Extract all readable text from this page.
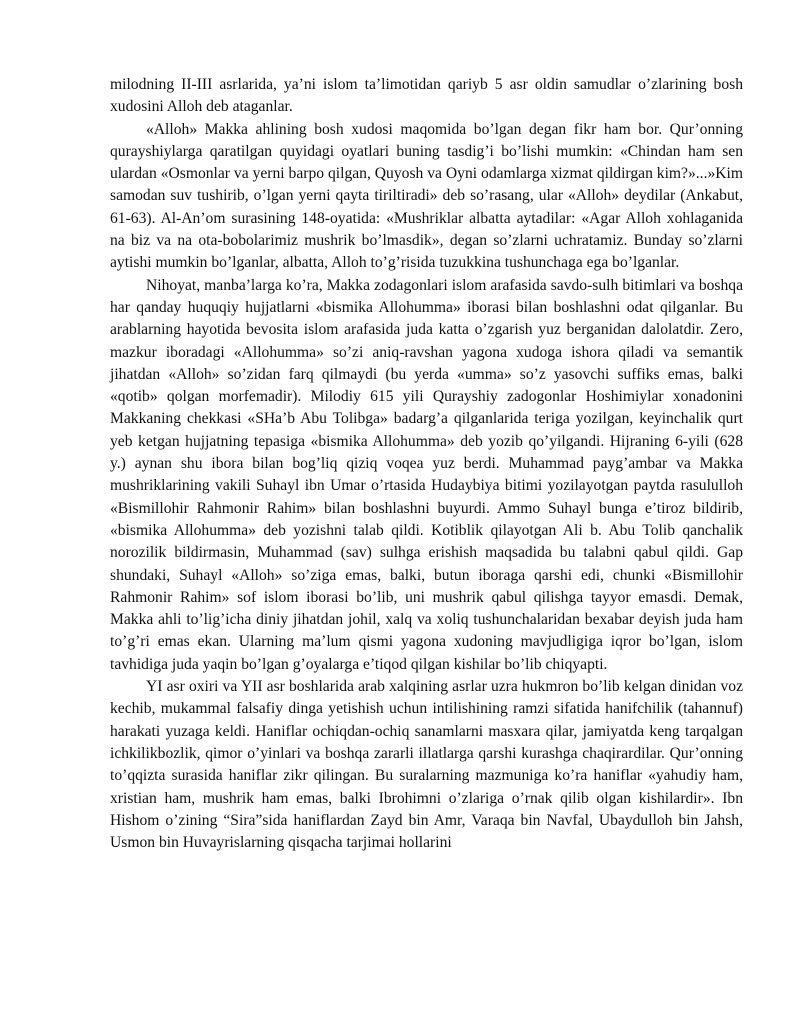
milodning II-III asrlarida, ya’ni islom ta’limotidan qariyb 5 asr oldin samudlar o’zlarining bosh xudosini Alloh deb ataganlar.

«Alloh» Makka ahlining bosh xudosi maqomida bo’lgan degan fikr ham bor. Qur’onning qurayshiylarga qaratilgan quyidagi oyatlari buning tasdig’i bo’lishi mumkin: «Chindan ham sen ulardan «Osmonlar va yerni barpo qilgan, Quyosh va Oyni odamlarga xizmat qildirgan kim?»...»Kim samodan suv tushirib, o’lgan yerni qayta tiriltiradi» deb so’rasang, ular «Alloh» deydilar (Ankabut, 61-63). Al-An’om surasining 148-oyatida: «Mushriklar albatta aytadilar: «Agar Alloh xohlaganida na biz va na ota-bobolarimiz mushrik bo’lmasdik», degan so’zlarni uchratamiz. Bunday so’zlarni aytishi mumkin bo’lganlar, albatta, Alloh to’g’risida tuzukkina tushunchaga ega bo’lganlar.

Nihoyat, manba’larga ko’ra, Makka zodagonlari islom arafasida savdo-sulh bitimlari va boshqa har qanday huquqiy hujjatlarni «bismika Allohumma» iborasi bilan boshlashni odat qilganlar. Bu arablarning hayotida bevosita islom arafasida juda katta o’zgarish yuz berganidan dalolatdir. Zero, mazkur iboradagi «Allohumma» so’zi aniq-ravshan yagona xudoga ishora qiladi va semantik jihatdan «Alloh» so’zidan farq qilmaydi (bu yerda «umma» so’z yasovchi suffiks emas, balki «qotib» qolgan morfemadir). Milodiy 615 yili Qurayshiy zadogonlar Hoshimiylar xonadonini Makkaning chekkasi «SHa’b Abu Tolibga» badarg’a qilganlarida teriga yozilgan, keyinchalik qurt yeb ketgan hujjatning tepasiga «bismika Allohumma» deb yozib qo’yilgandi. Hijraning 6-yili (628 y.) aynan shu ibora bilan bog’liq qiziq voqea yuz berdi. Muhammad payg’ambar va Makka mushriklarining vakili Suhayl ibn Umar o’rtasida Hudaybiya bitimi yozilayotgan paytda rasululloh «Bismillohir Rahmonir Rahim» bilan boshlashni buyurdi. Ammo Suhayl bunga e’tiroz bildirib, «bismika Allohumma» deb yozishni talab qildi. Kotiblik qilayotgan Ali b. Abu Tolib qanchalik norozilik bildirmasin, Muhammad (sav) sulhga erishish maqsadida bu talabni qabul qildi. Gap shundaki, Suhayl «Alloh» so’ziga emas, balki, butun iboraga qarshi edi, chunki «Bismillohir Rahmonir Rahim» sof islom iborasi bo’lib, uni mushrik qabul qilishga tayyor emasdi. Demak, Makka ahli to’lig’icha diniy jihatdan johil, xalq va xoliq tushunchalaridan bexabar deyish juda ham to’g’ri emas ekan. Ularning ma’lum qismi yagona xudoning mavjudligiga iqror bo’lgan, islom tavhidiga juda yaqin bo’lgan g’oyalarga e’tiqod qilgan kishilar bo’lib chiqyapti.

YI asr oxiri va YII asr boshlarida arab xalqining asrlar uzra hukmron bo’lib kelgan dinidan voz kechib, mukammal falsafiy dinga yetishish uchun intilishining ramzi sifatida hanifchilik (tahannuf) harakati yuzaga keldi. Haniflar ochiqdan-ochiq sanamlarni masxara qilar, jamiyatda keng tarqalgan ichkilikbozlik, qimor o’yinlari va boshqa zararli illatlarga qarshi kurashga chaqirardilar. Qur’onning to’qqizta surasida haniflar zikr qilingan. Bu suralarning mazmuniga ko’ra haniflar «yahudiy ham, xristian ham, mushrik ham emas, balki Ibrohimni o’zlariga o’rnak qilib olgan kishilardir». Ibn Hishom o’zining “Sira”sida haniflardan Zayd bin Amr, Varaqa bin Navfal, Ubaydulloh bin Jahsh, Usmon bin Huvayrislarning qisqacha tarjimai hollarini
